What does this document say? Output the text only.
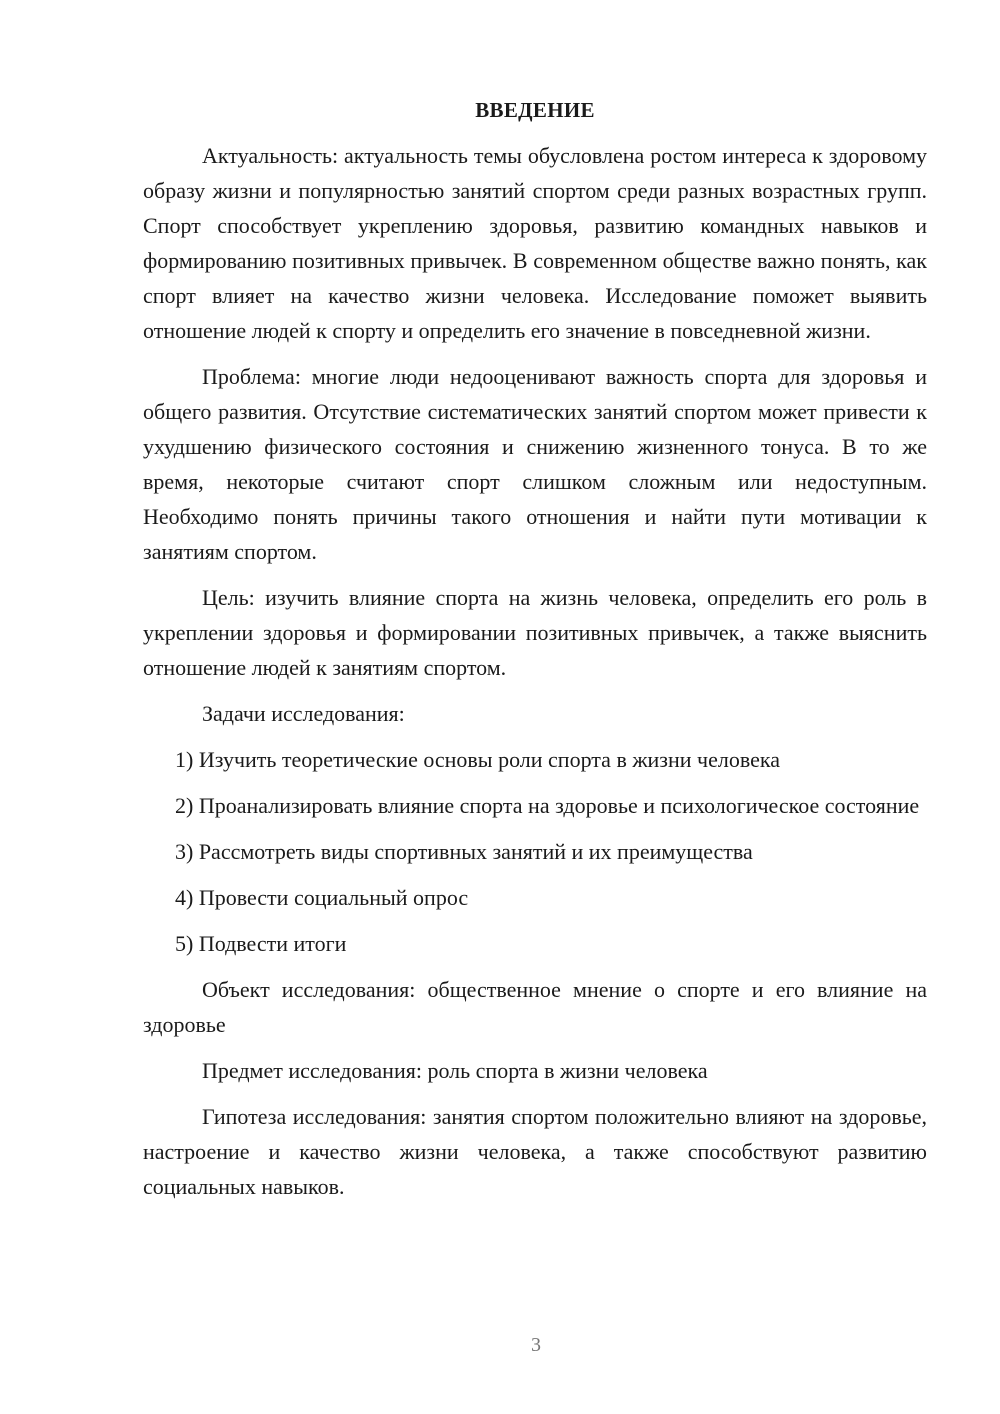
ВВЕДЕНИЕ

Актуальность: актуальность темы обусловлена ростом интереса к здоровому образу жизни и популярностью занятий спортом среди разных возрастных групп. Спорт способствует укреплению здоровья, развитию командных навыков и формированию позитивных привычек. В современном обществе важно понять, как спорт влияет на качество жизни человека. Исследование поможет выявить отношение людей к спорту и определить его значение в повседневной жизни.

Проблема: многие люди недооценивают важность спорта для здоровья и общего развития. Отсутствие систематических занятий спортом может привести к ухудшению физического состояния и снижению жизненного тонуса. В то же время, некоторые считают спорт слишком сложным или недоступным. Необходимо понять причины такого отношения и найти пути мотивации к занятиям спортом.

Цель: изучить влияние спорта на жизнь человека, определить его роль в укреплении здоровья и формировании позитивных привычек, а также выяснить отношение людей к занятиям спортом.

Задачи исследования:

1) Изучить теоретические основы роли спорта в жизни человека

2) Проанализировать влияние спорта на здоровье и психологическое состояние

3) Рассмотреть виды спортивных занятий и их преимущества

4) Провести социальный опрос

5) Подвести итоги

Объект исследования: общественное мнение о спорте и его влияние на здоровье

Предмет исследования: роль спорта в жизни человека

Гипотеза исследования: занятия спортом положительно влияют на здоровье, настроение и качество жизни человека, а также способствуют развитию социальных навыков.

3
